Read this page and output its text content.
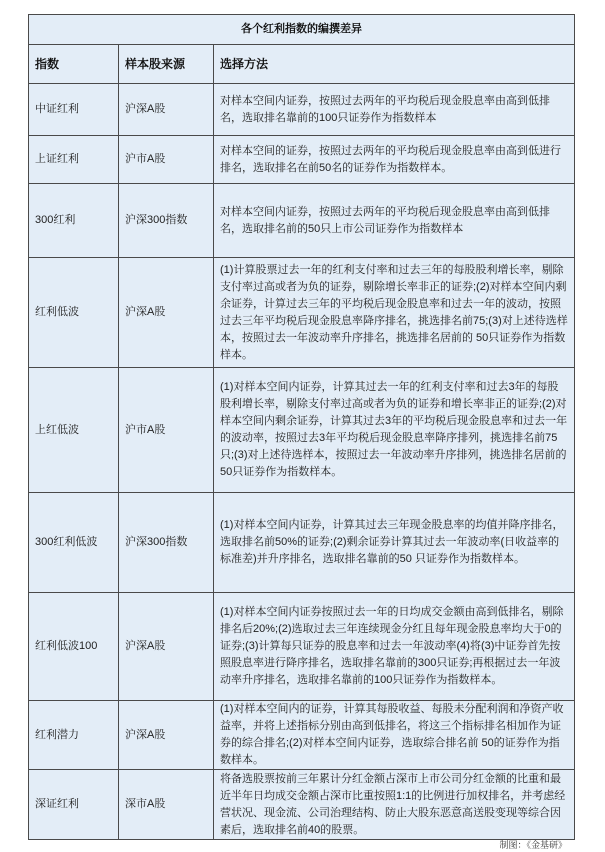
各个红利指数的编撰差异		
指数	样本股来源	选择方法
中证红利	沪深A股	对样本空间内证券，按照过去两年的平均税后现金股息率由高到低排名，选取排名靠前的100只证券作为指数样本
上证红利	沪市A股	对样本空间的证券，按照过去两年的平均税后现金股息率由高到低进行排名，选取排名在前50名的证券作为指数样本。
300红利	沪深300指数	对样本空间内证券，按照过去两年的平均税后现金股息率由高到低排名，选取排名前的50只上市公司证券作为指数样本
红利低波	沪深A股	(1)计算股票过去一年的红利支付率和过去三年的每股股利增长率，剔除支付率过高或者为负的证券，剔除增长率非正的证券;(2)对样本空间内剩余证券，计算过去三年的平均税后现金股息率和过去一年的波动，按照过去三年平均税后现金股息率降序排名，挑选排名前75;(3)对上述待选样本，按照过去一年波动率升序排名，挑选排名居前的 50只证券作为指数样本。
上红低波	沪市A股	(1)对样本空间内证券，计算其过去一年的红利支付率和过去3年的每股股利增长率，剔除支付率过高或者为负的证券和增长率非正的证券;(2)对样本空间内剩余证券，计算其过去3年的平均税后现金股息率和过去一年的波动率，按照过去3年平均税后现金股息率降序排列，挑选排名前75只;(3)对上述待选样本，按照过去一年波动率升序排列，挑选排名居前的 50只证券作为指数样本。
300红利低波	沪深300指数	(1)对样本空间内证券，计算其过去三年现金股息率的均值并降序排名，选取排名前50%的证券;(2)剩余证券计算其过去一年波动率(日收益率的标准差)并升序排名，选取排名靠前的50 只证券作为指数样本。
红利低波100	沪深A股	(1)对样本空间内证券按照过去一年的日均成交金额由高到低排名，剔除排名后20%;(2)选取过去三年连续现金分红且每年现金股息率均大于0的证券;(3)计算每只证券的股息率和过去一年波动率(4)将(3)中证券首先按照股息率进行降序排名，选取排名靠前的300只证券;再根据过去一年波动率升序排名，选取排名靠前的100只证券作为指数样本。
红利潜力	沪深A股	(1)对样本空间内的证券，计算其每股收益、每股未分配利润和净资产收益率，并将上述指标分别由高到低排名，将这三个指标排名相加作为证券的综合排名;(2)对样本空间内证券，选取综合排名前 50的证券作为指数样本。
深证红利	深市A股	将备选股票按前三年累计分红金额占深市上市公司分红金额的比重和最近半年日均成交金额占深市比重按照1:1的比例进行加权排名，并考虑经营状况、现金流、公司治理结构、防止大股东恶意高送股变现等综合因素后，选取排名前40的股票。
制图：《金基研》
